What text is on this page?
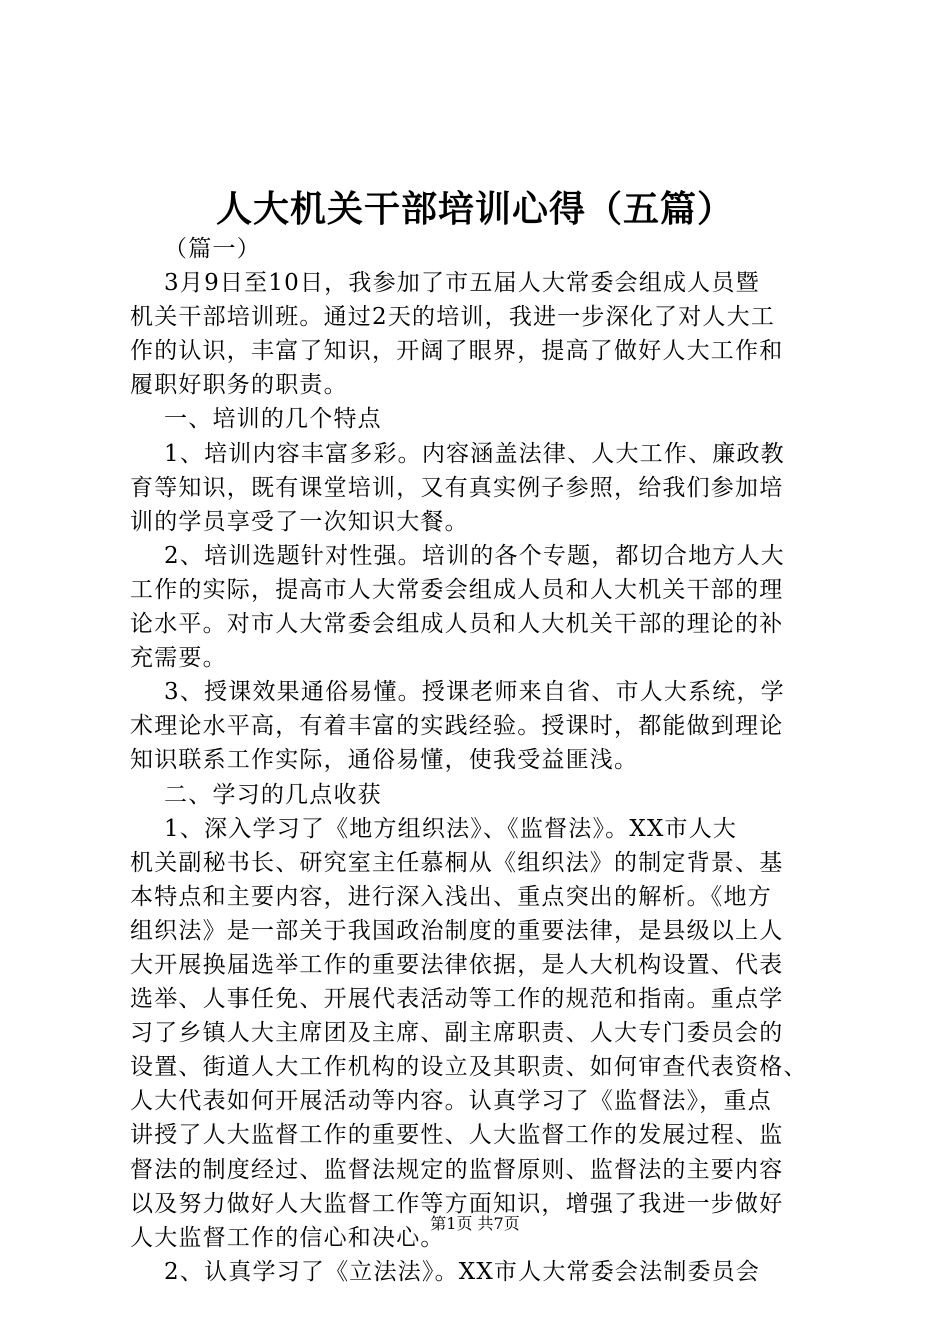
人大机关干部培训心得（五篇）
（篇一）
3月9日至10日，我参加了市五届人大常委会组成人员暨
机关干部培训班。通过2天的培训，我进一步深化了对人大工
作的认识，丰富了知识，开阔了眼界，提高了做好人大工作和
履职好职务的职责。
一、培训的几个特点
1、培训内容丰富多彩。内容涵盖法律、人大工作、廉政教
育等知识，既有课堂培训，又有真实例子参照，给我们参加培
训的学员享受了一次知识大餐。
2、培训选题针对性强。培训的各个专题，都切合地方人大
工作的实际，提高市人大常委会组成人员和人大机关干部的理
论水平。对市人大常委会组成人员和人大机关干部的理论的补
充需要。
3、授课效果通俗易懂。授课老师来自省、市人大系统，学
术理论水平高，有着丰富的实践经验。授课时，都能做到理论
知识联系工作实际，通俗易懂，使我受益匪浅。
二、学习的几点收获
1、深入学习了《地方组织法》、《监督法》。XX市人大
机关副秘书长、研究室主任慕桐从《组织法》的制定背景、基
本特点和主要内容，进行深入浅出、重点突出的解析。《地方
组织法》是一部关于我国政治制度的重要法律，是县级以上人
大开展换届选举工作的重要法律依据，是人大机构设置、代表
选举、人事任免、开展代表活动等工作的规范和指南。重点学
习了乡镇人大主席团及主席、副主席职责、人大专门委员会的
设置、街道人大工作机构的设立及其职责、如何审查代表资格、
人大代表如何开展活动等内容。认真学习了《监督法》，重点
讲授了人大监督工作的重要性、人大监督工作的发展过程、监
督法的制度经过、监督法规定的监督原则、监督法的主要内容
以及努力做好人大监督工作等方面知识，增强了我进一步做好
人大监督工作的信心和决心。
2、认真学习了《立法法》。XX市人大常委会法制委员会
第1页 共7页
